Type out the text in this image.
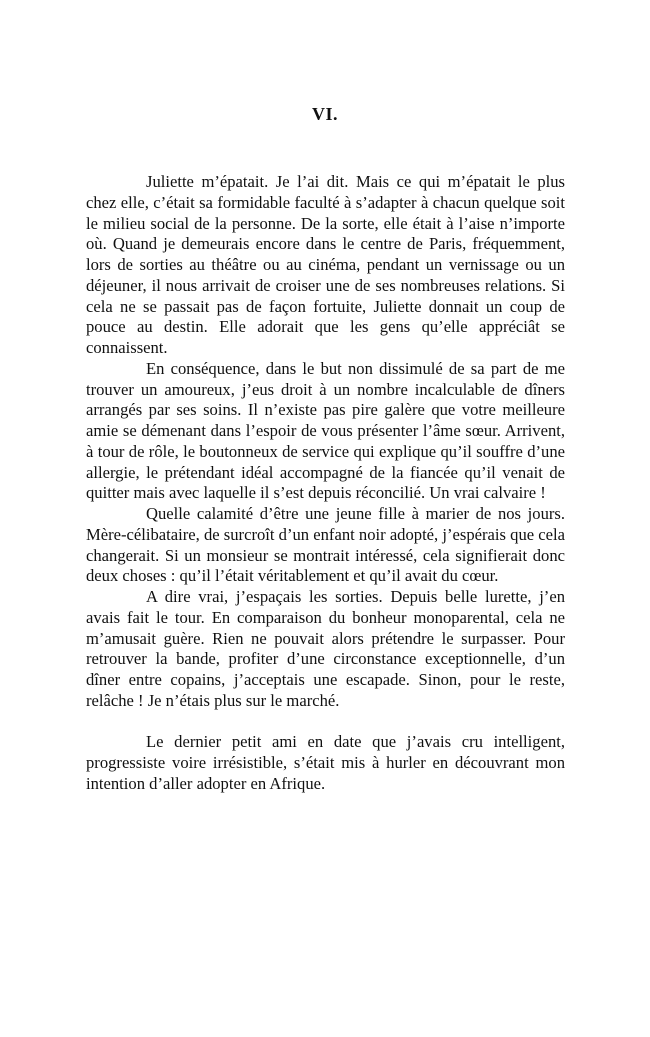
VI.

Juliette m’épatait. Je l’ai dit. Mais ce qui m’épatait le plus chez elle, c’était sa formidable faculté à s’adapter à chacun quelque soit le milieu social de la personne. De la sorte, elle était à l’aise n’importe où. Quand je demeurais encore dans le centre de Paris, fréquemment, lors de sorties au théâtre ou au cinéma, pendant un vernissage ou un déjeuner, il nous arrivait de croiser une de ses nombreuses relations. Si cela ne se passait pas de façon fortuite, Juliette donnait un coup de pouce au destin. Elle adorait que les gens qu’elle appréciât se connaissent.

En conséquence, dans le but non dissimulé de sa part de me trouver un amoureux, j’eus droit à un nombre incalculable de dîners arrangés par ses soins. Il n’existe pas pire galère que votre meilleure amie se démenant dans l’espoir de vous présenter l’âme sœur. Arrivent, à tour de rôle, le boutonneux de service qui explique qu’il souffre d’une allergie, le prétendant idéal accompagné de la fiancée qu’il venait de quitter mais avec laquelle il s’est depuis réconcilié. Un vrai calvaire !

Quelle calamité d’être une jeune fille à marier de nos jours. Mère-célibataire, de surcroît d’un enfant noir adopté, j’espérais que cela changerait. Si un monsieur se montrait intéressé, cela signifierait donc deux choses : qu’il l’était véritablement et qu’il avait du cœur.

A dire vrai, j’espaçais les sorties. Depuis belle lurette, j’en avais fait le tour. En comparaison du bonheur monoparental, cela ne m’amusait guère. Rien ne pouvait alors prétendre le surpasser. Pour retrouver la bande, profiter d’une circonstance exceptionnelle, d’un dîner entre copains, j’acceptais une escapade. Sinon, pour le reste, relâche ! Je n’étais plus sur le marché.

Le dernier petit ami en date que j’avais cru intelligent, progressiste voire irrésistible, s’était mis à hurler en découvrant mon intention d’aller adopter en Afrique.
